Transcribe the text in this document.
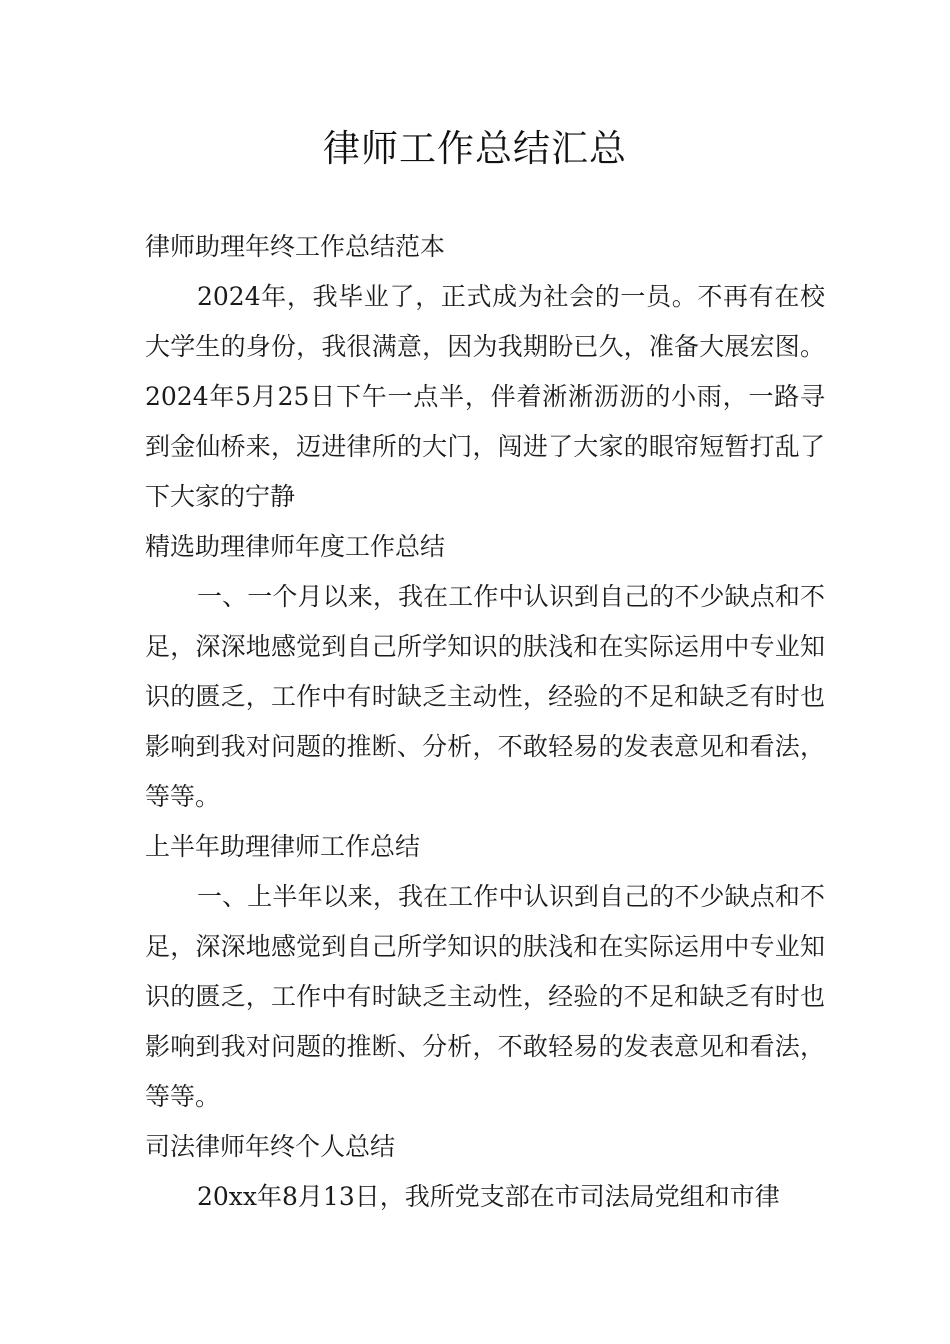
律师工作总结汇总
律师助理年终工作总结范本

2024年，我毕业了，正式成为社会的一员。不再有在校大学生的身份，我很满意，因为我期盼已久，准备大展宏图。2024年5月25日下午一点半，伴着淅淅沥沥的小雨，一路寻到金仙桥来，迈进律所的大门，闯进了大家的眼帘短暂打乱了下大家的宁静

精选助理律师年度工作总结

一、一个月以来，我在工作中认识到自己的不少缺点和不足，深深地感觉到自己所学知识的肤浅和在实际运用中专业知识的匮乏，工作中有时缺乏主动性，经验的不足和缺乏有时也影响到我对问题的推断、分析，不敢轻易的发表意见和看法，等等。

上半年助理律师工作总结

一、上半年以来，我在工作中认识到自己的不少缺点和不足，深深地感觉到自己所学知识的肤浅和在实际运用中专业知识的匮乏，工作中有时缺乏主动性，经验的不足和缺乏有时也影响到我对问题的推断、分析，不敢轻易的发表意见和看法，等等。

司法律师年终个人总结

20xx年8月13日，我所党支部在市司法局党组和市律
